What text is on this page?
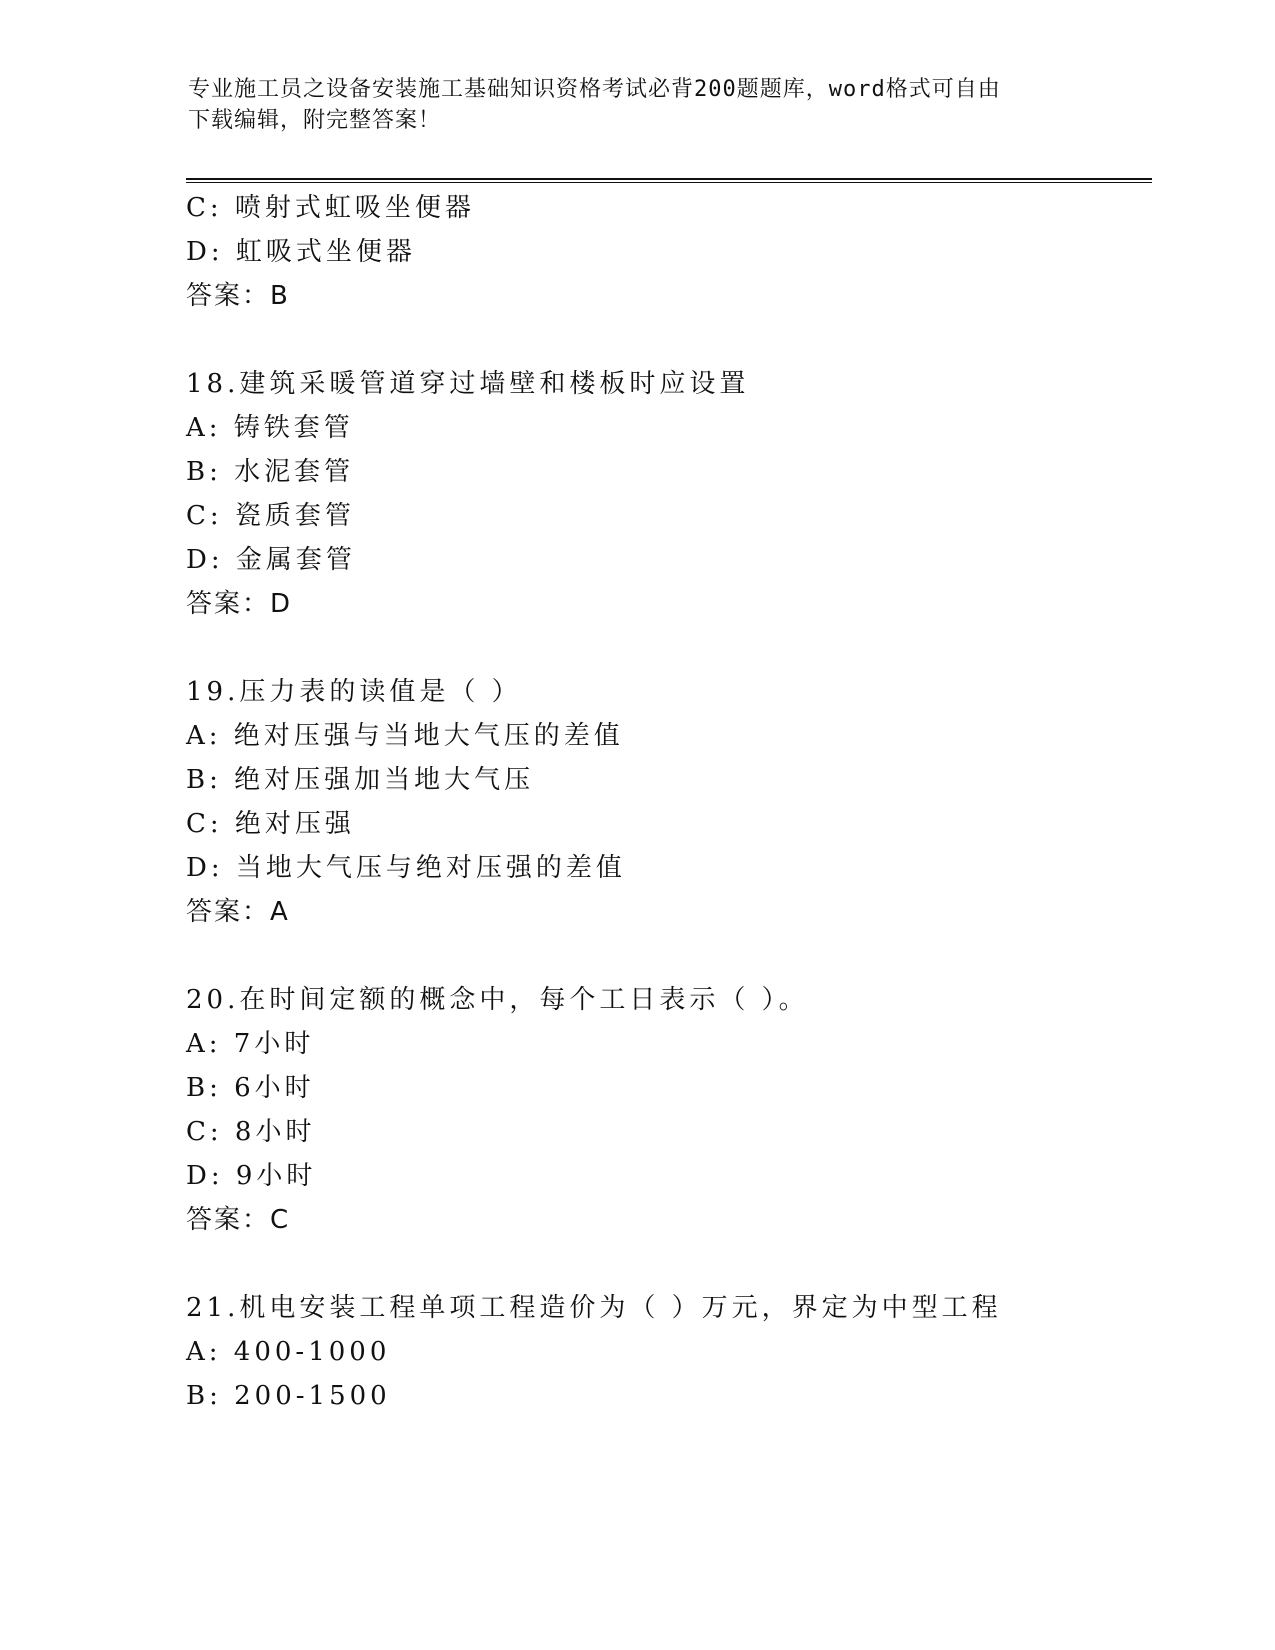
专业施工员之设备安装施工基础知识资格考试必背200题题库，word格式可自由
下载编辑，附完整答案！
C: 喷射式虹吸坐便器
D: 虹吸式坐便器
答案：B
18.建筑采暖管道穿过墙壁和楼板时应设置
A: 铸铁套管
B: 水泥套管
C: 瓷质套管
D: 金属套管
答案：D
19.压力表的读值是（ ）
A: 绝对压强与当地大气压的差值
B: 绝对压强加当地大气压
C: 绝对压强
D: 当地大气压与绝对压强的差值
答案：A
20.在时间定额的概念中，每个工日表示（ ）。
A: 7小时
B: 6小时
C: 8小时
D: 9小时
答案：C
21.机电安装工程单项工程造价为（ ）万元，界定为中型工程
A: 400-1000
B: 200-1500
